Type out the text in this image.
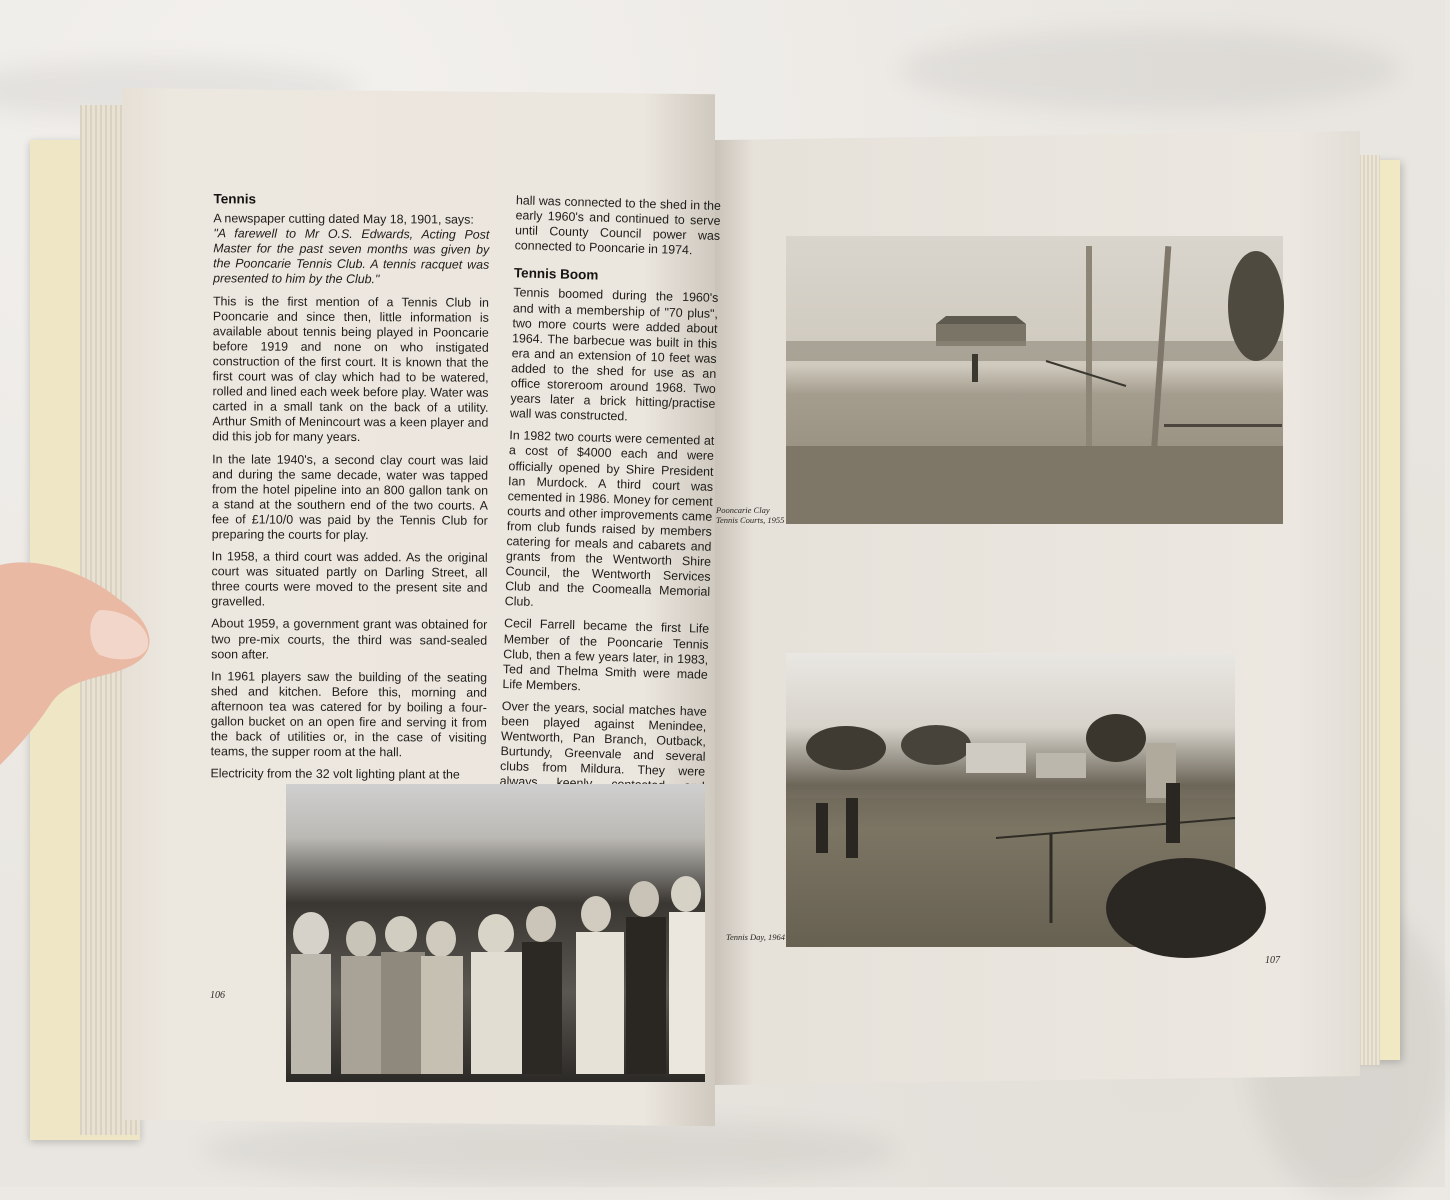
Tennis

A newspaper cutting dated May 18, 1901, says:

"A farewell to Mr O.S. Edwards, Acting Post Master for the past seven months was given by the Pooncarie Tennis Club. A tennis racquet was presented to him by the Club."

This is the first mention of a Tennis Club in Pooncarie and since then, little information is available about tennis being played in Pooncarie before 1919 and none on who instigated construction of the first court. It is known that the first court was of clay which had to be watered, rolled and lined each week before play. Water was carted in a small tank on the back of a utility. Arthur Smith of Menincourt was a keen player and did this job for many years.

In the late 1940's, a second clay court was laid and during the same decade, water was tapped from the hotel pipeline into an 800 gallon tank on a stand at the southern end of the two courts. A fee of £1/10/0 was paid by the Tennis Club for preparing the courts for play.

In 1958, a third court was added. As the original court was situated partly on Darling Street, all three courts were moved to the present site and gravelled.

About 1959, a government grant was obtained for two pre-mix courts, the third was sand-sealed soon after.

In 1961 players saw the building of the seating shed and kitchen. Before this, morning and afternoon tea was catered for by boiling a four-gallon bucket on an open fire and serving it from the back of utilities or, in the case of visiting teams, the supper room at the hall.

Electricity from the 32 volt lighting plant at the

hall was connected to the shed in the early 1960's and continued to serve until County Council power was connected to Pooncarie in 1974.

Tennis Boom

Tennis boomed during the 1960's and with a membership of "70 plus", two more courts were added about 1964. The barbecue was built in this era and an extension of 10 feet was added to the shed for use as an office storeroom around 1968. Two years later a brick hitting/practise wall was constructed.

In 1982 two courts were cemented at a cost of $4000 each and were officially opened by Shire President Ian Murdock. A third court was cemented in 1986. Money for cement courts and other improvements came from club funds raised by members catering for meals and cabarets and grants from the Wentworth Shire Council, the Wentworth Services Club and the Coomealla Memorial Club.

Cecil Farrell became the first Life Member of the Pooncarie Tennis Club, then a few years later, in 1983, Ted and Thelma Smith were made Life Members.

Over the years, social matches have been played against Menindee, Wentworth, Pan Branch, Outback, Burtundy, Greenvale and several clubs from Mildura. They were always

Pooncarie Clay Tennis Courts, 1955
Tennis Day, 1964
106
107
